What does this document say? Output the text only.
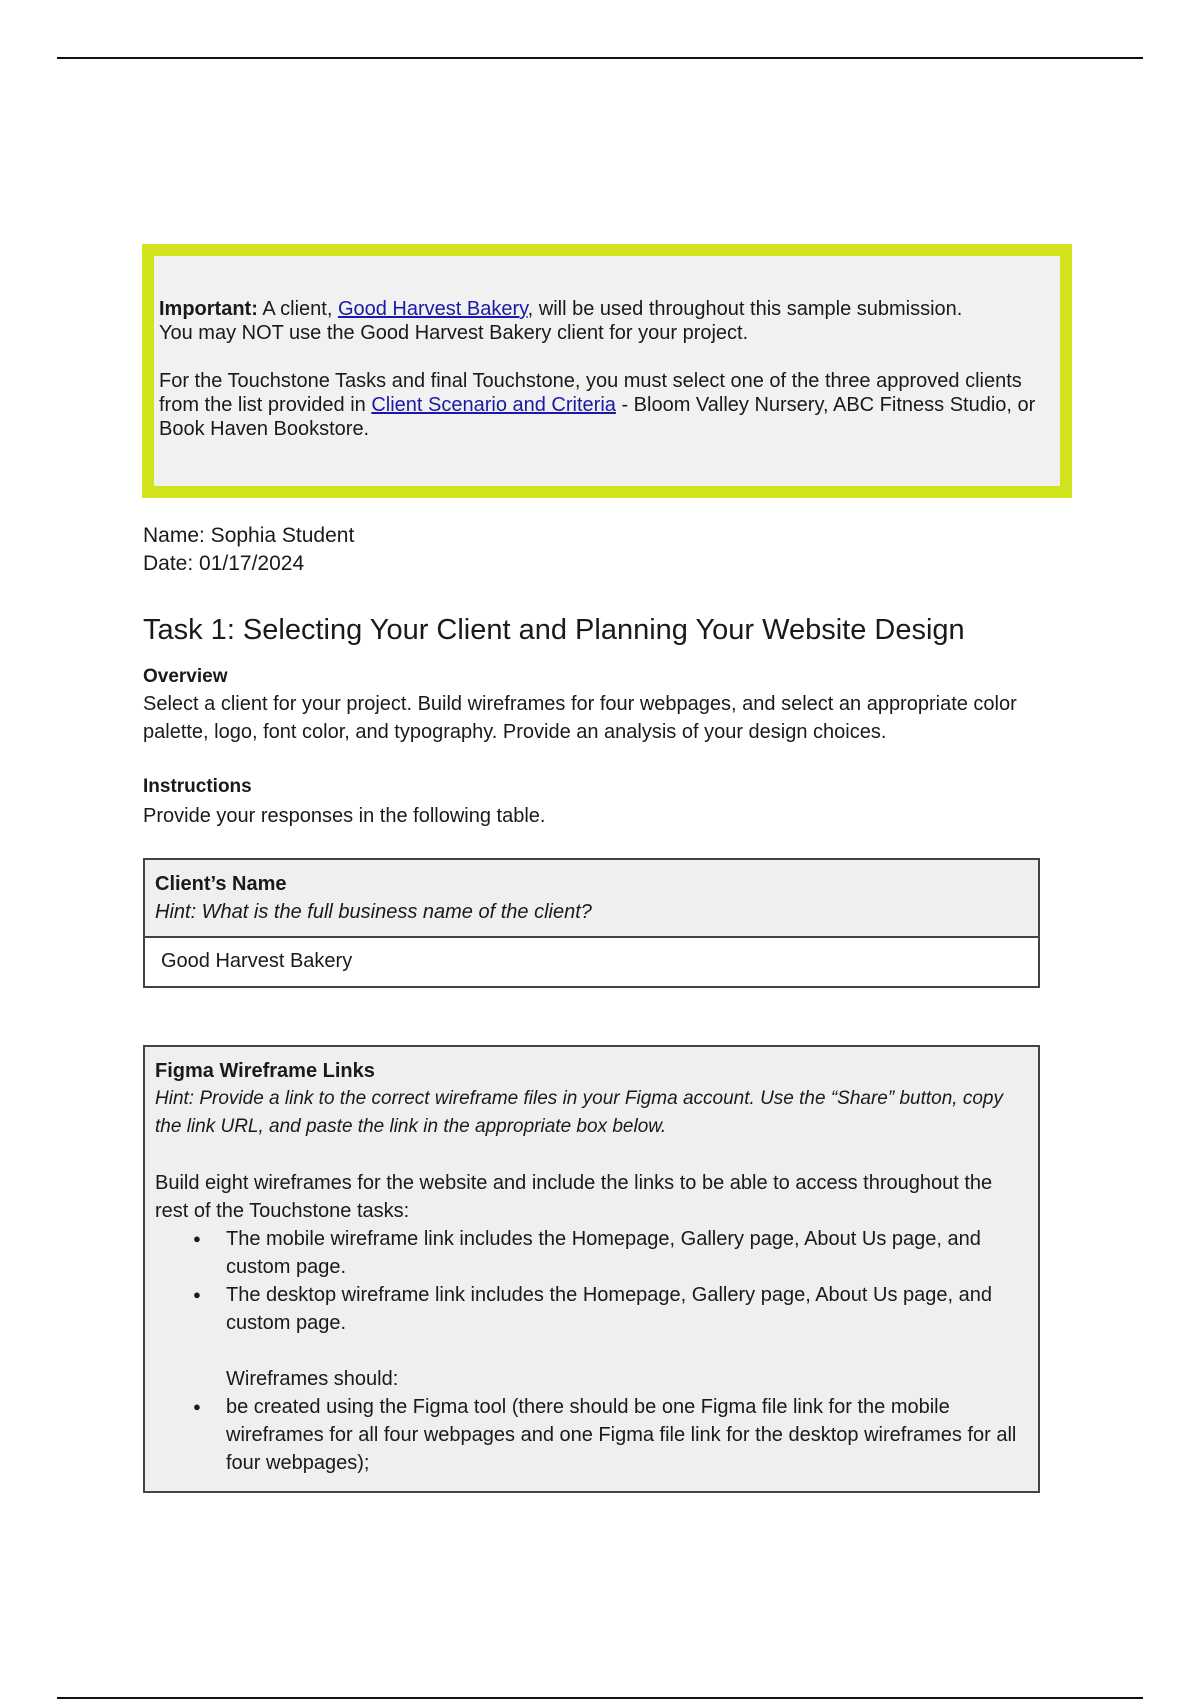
Important: A client, Good Harvest Bakery, will be used throughout this sample submission.
You may NOT use the Good Harvest Bakery client for your project.

For the Touchstone Tasks and final Touchstone, you must select one of the three approved clients from the list provided in Client Scenario and Criteria - Bloom Valley Nursery, ABC Fitness Studio, or Book Haven Bookstore.

Name: Sophia Student
Date: 01/17/2024
Task 1: Selecting Your Client and Planning Your Website Design
Overview

Select a client for your project. Build wireframes for four webpages, and select an appropriate color palette, logo, font color, and typography. Provide an analysis of your design choices.

Instructions

Provide your responses in the following table.

Client’s Name
Hint: What is the full business name of the client?
Good Harvest Bakery
Figma Wireframe Links
Hint: Provide a link to the correct wireframe files in your Figma account. Use the “Share” button, copy the link URL, and paste the link in the appropriate box below.
Build eight wireframes for the website and include the links to be able to access throughout the rest of the Touchstone tasks:
● The mobile wireframe link includes the Homepage, Gallery page, About Us page, and custom page.
● The desktop wireframe link includes the Homepage, Gallery page, About Us page, and custom page.
Wireframes should:
● be created using the Figma tool (there should be one Figma file link for the mobile wireframes for all four webpages and one Figma file link for the desktop wireframes for all four webpages);
